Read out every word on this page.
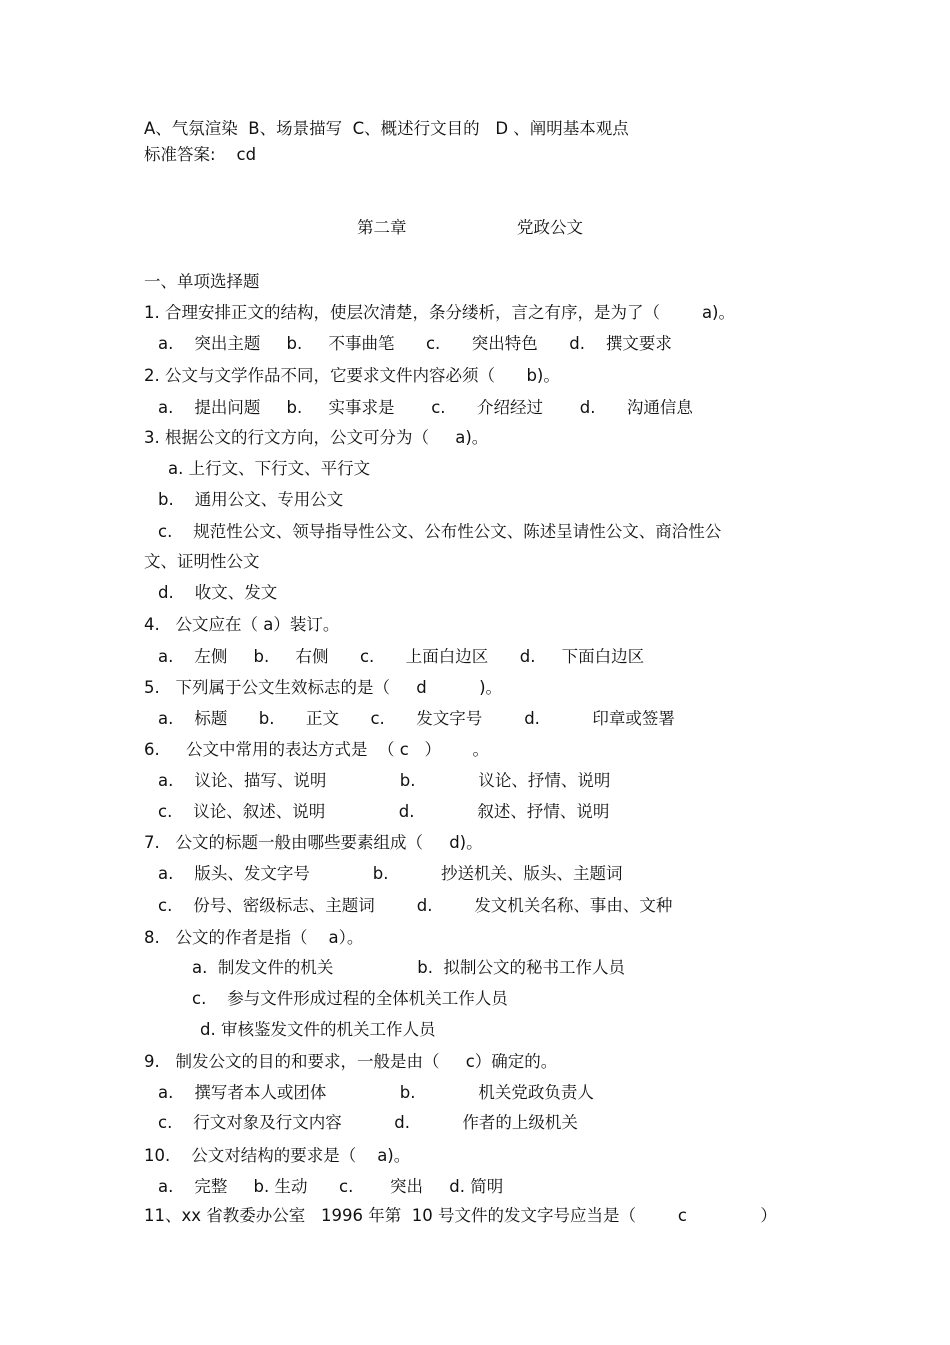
A、气氛渲染  B、场景描写  C、概述行文目的   D 、阐明基本观点
标准答案:    cd
第二章	党政公文
一、单项选择题
1. 合理安排正文的结构，使层次清楚，条分缕析，言之有序，是为了（        a)。
a.    突出主题     b.     不事曲笔      c.      突出特色      d.    撰文要求
2. 公文与文学作品不同，它要求文件内容必须（      b)。
a.    提出问题     b.     实事求是       c.      介绍经过       d.      沟通信息
3. 根据公文的行文方向，公文可分为（     a)。
a. 上行文、下行文、平行文
b.    通用公文、专用公文
c.    规范性公文、领导指导性公文、公布性公文、陈述呈请性公文、商洽性公
文、证明性公文
d.    收文、发文
4.   公文应在（ a）装订。
a.    左侧     b.     右侧      c.      上面白边区      d.     下面白边区
5.   下列属于公文生效标志的是（     d          )。
a.    标题      b.      正文      c.      发文字号        d.          印章或签署
6.     公文中常用的表达方式是  （ c   ）      。
a.    议论、描写、说明              b.            议论、抒情、说明
c.    议论、叙述、说明              d.            叙述、抒情、说明
7.   公文的标题一般由哪些要素组成（     d)。
a.    版头、发文字号            b.          抄送机关、版头、主题词
c.    份号、密级标志、主题词        d.        发文机关名称、事由、文种
8.   公文的作者是指（    a）。
a.  制发文件的机关                b.  拟制公文的秘书工作人员
c.    参与文件形成过程的全体机关工作人员
d. 审核鉴发文件的机关工作人员
9.   制发公文的目的和要求，一般是由（     c）确定的。
a.    撰写者本人或团体              b.            机关党政负责人
c.    行文对象及行文内容          d.          作者的上级机关
10.    公文对结构的要求是（    a)。
a.    完整     b. 生动      c.       突出     d. 简明
11、xx 省教委办公室   1996 年第  10 号文件的发文字号应当是（        c              ）
